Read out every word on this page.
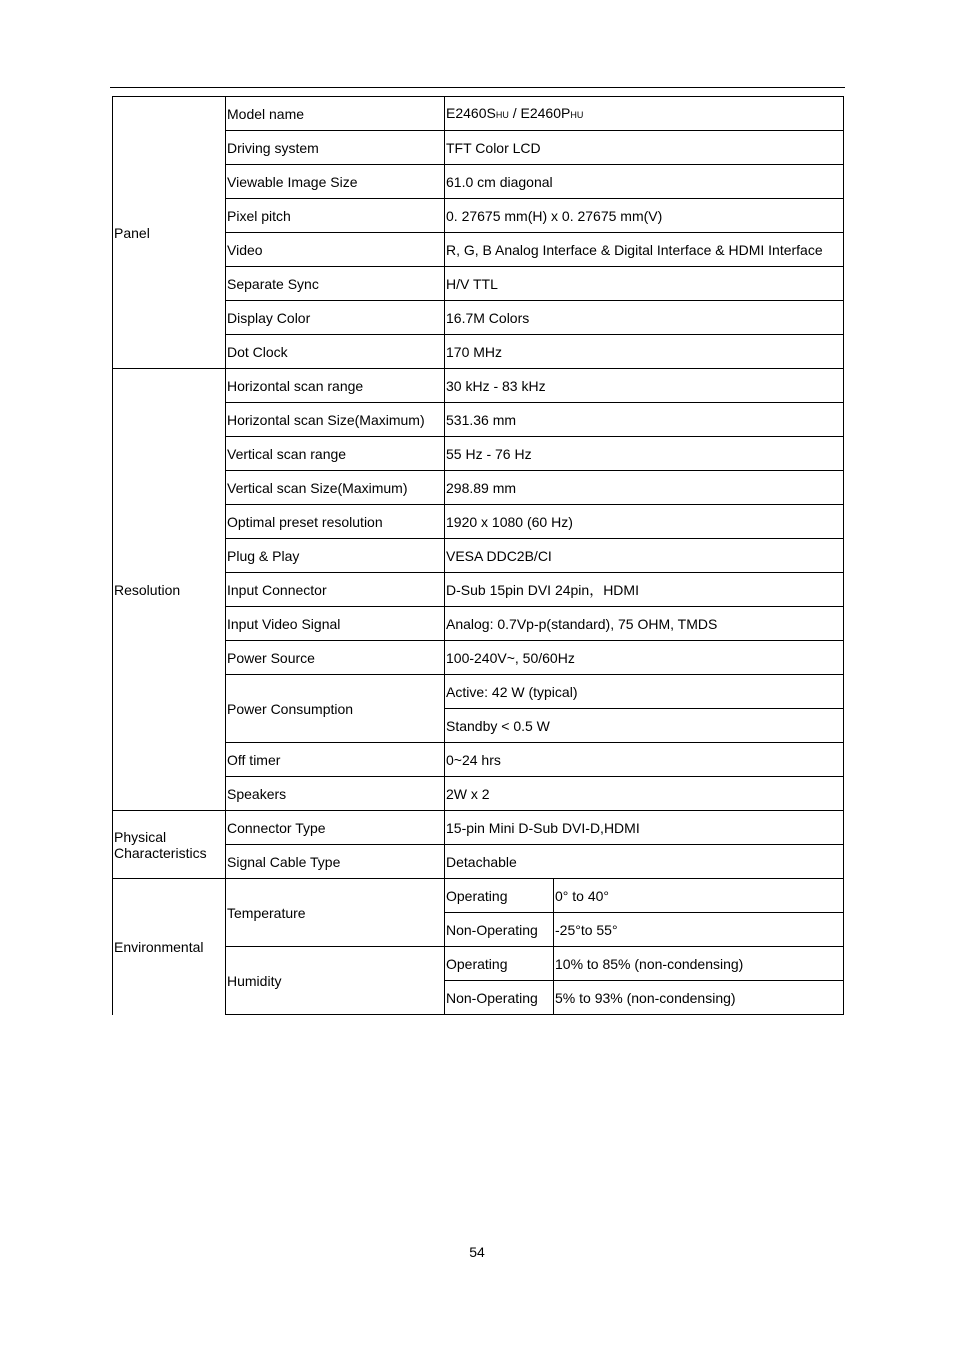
Panel	Model name	E2460SHU / E2460PHU	
	Driving system	TFT Color LCD	
	Viewable Image Size	61.0 cm diagonal	
	Pixel pitch	0. 27675 mm(H) x 0. 27675 mm(V)	
	Video	R, G, B Analog Interface & Digital Interface & HDMI Interface	
	Separate Sync	H/V TTL	
	Display Color	16.7M Colors	
	Dot Clock	170 MHz	
Resolution	Horizontal scan range	30 kHz - 83 kHz	
	Horizontal scan Size(Maximum)	531.36 mm	
	Vertical scan range	55 Hz - 76 Hz	
	Vertical scan Size(Maximum)	298.89 mm	
	Optimal preset resolution	1920 x 1080 (60 Hz)	
	Plug & Play	VESA DDC2B/CI	
	Input Connector	D-Sub 15pin DVI 24pin，HDMI	
	Input Video Signal	Analog: 0.7Vp-p(standard), 75 OHM, TMDS	
	Power Source	100-240V~, 50/60Hz	
	Power Consumption	Active: 42 W (typical)	
		Standby < 0.5 W	
	Off timer	0~24 hrs	
	Speakers	2W x 2	

Physical
Characteristics	Connector Type	15-pin Mini D-Sub DVI-D,HDMI	
	Signal Cable Type	Detachable	
Environmental	Temperature	Operating	0° to 40°
		Non-Operating	-25°to 55°
	Humidity	Operating	10% to 85% (non-condensing)
		Non-Operating	5% to 93% (non-condensing)
54
